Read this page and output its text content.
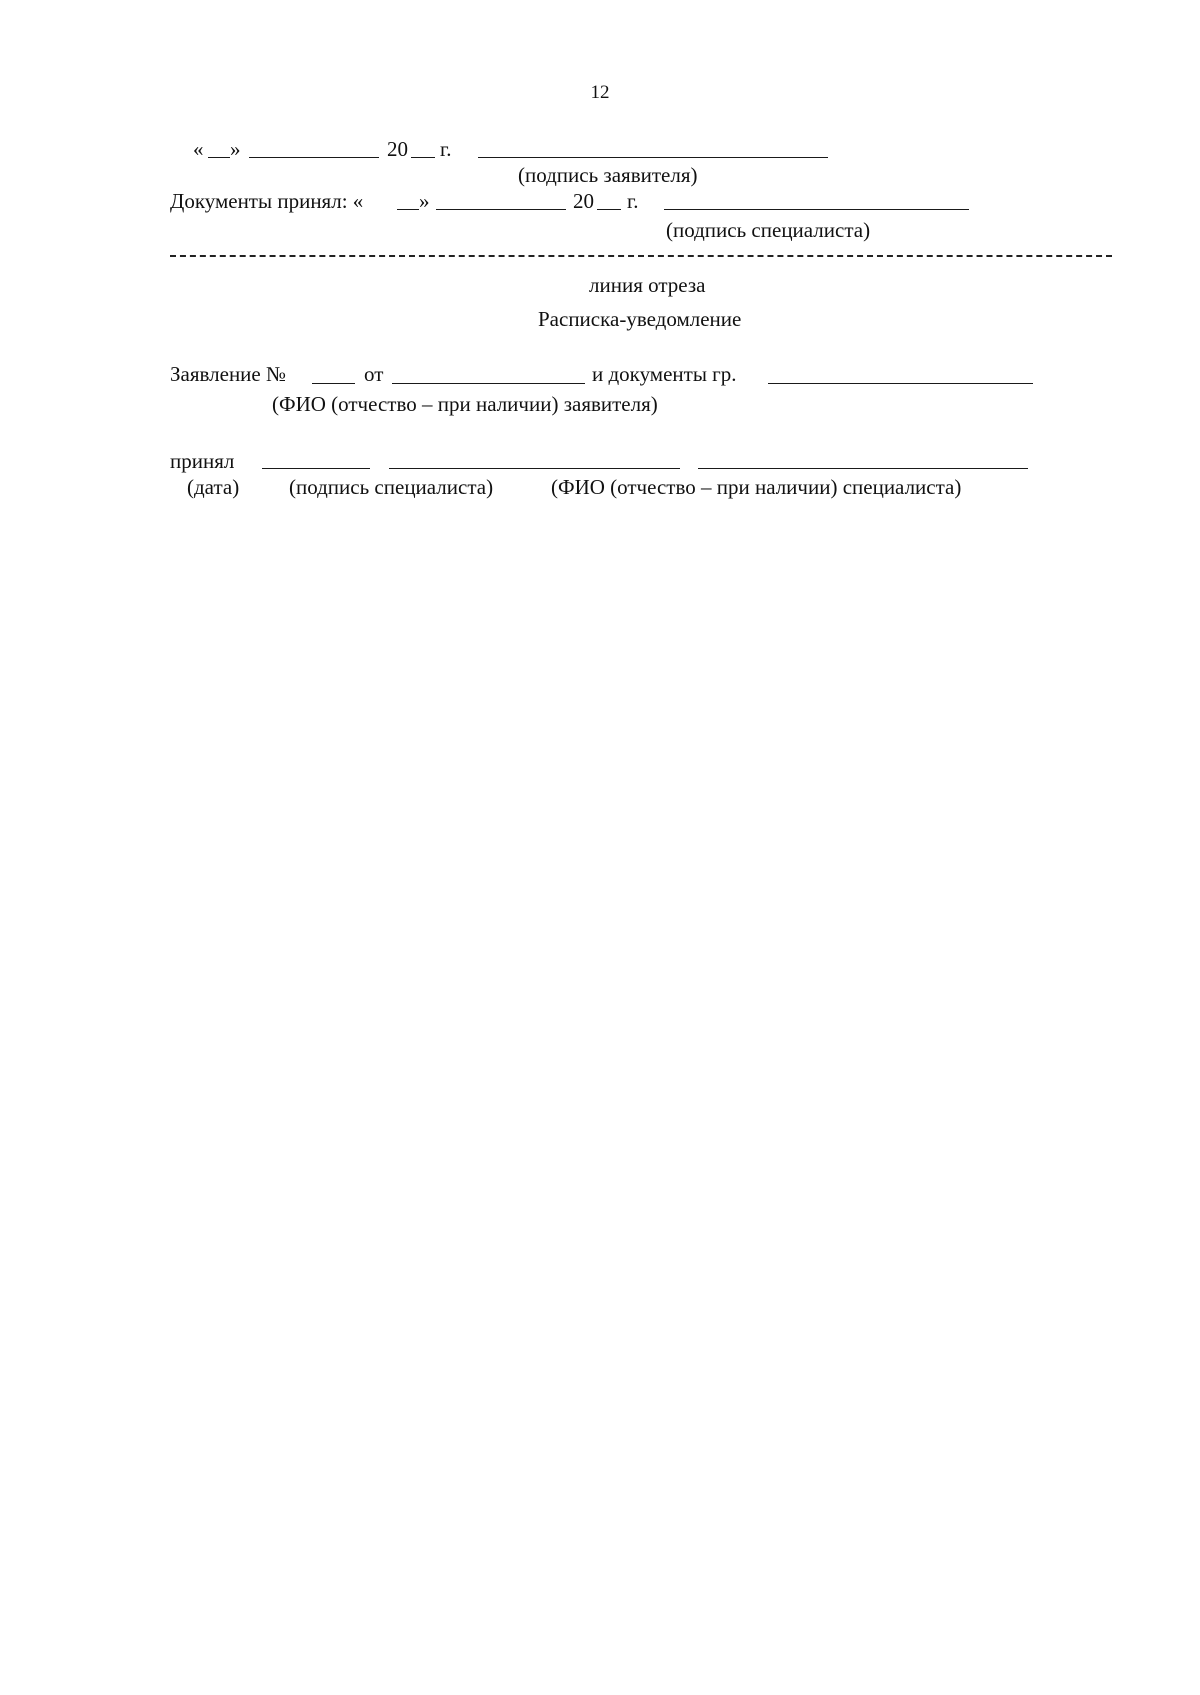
12
« »	20 г.
(подпись заявителя)
Документы принял: «	»	20 г.
(подпись специалиста)
линия отреза
Расписка-уведомление
Заявление №	от	и документы гр.
(ФИО (отчество – при наличии) заявителя)
принял
(дата) (подпись специалиста)	(ФИО (отчество – при наличии) специалиста)
